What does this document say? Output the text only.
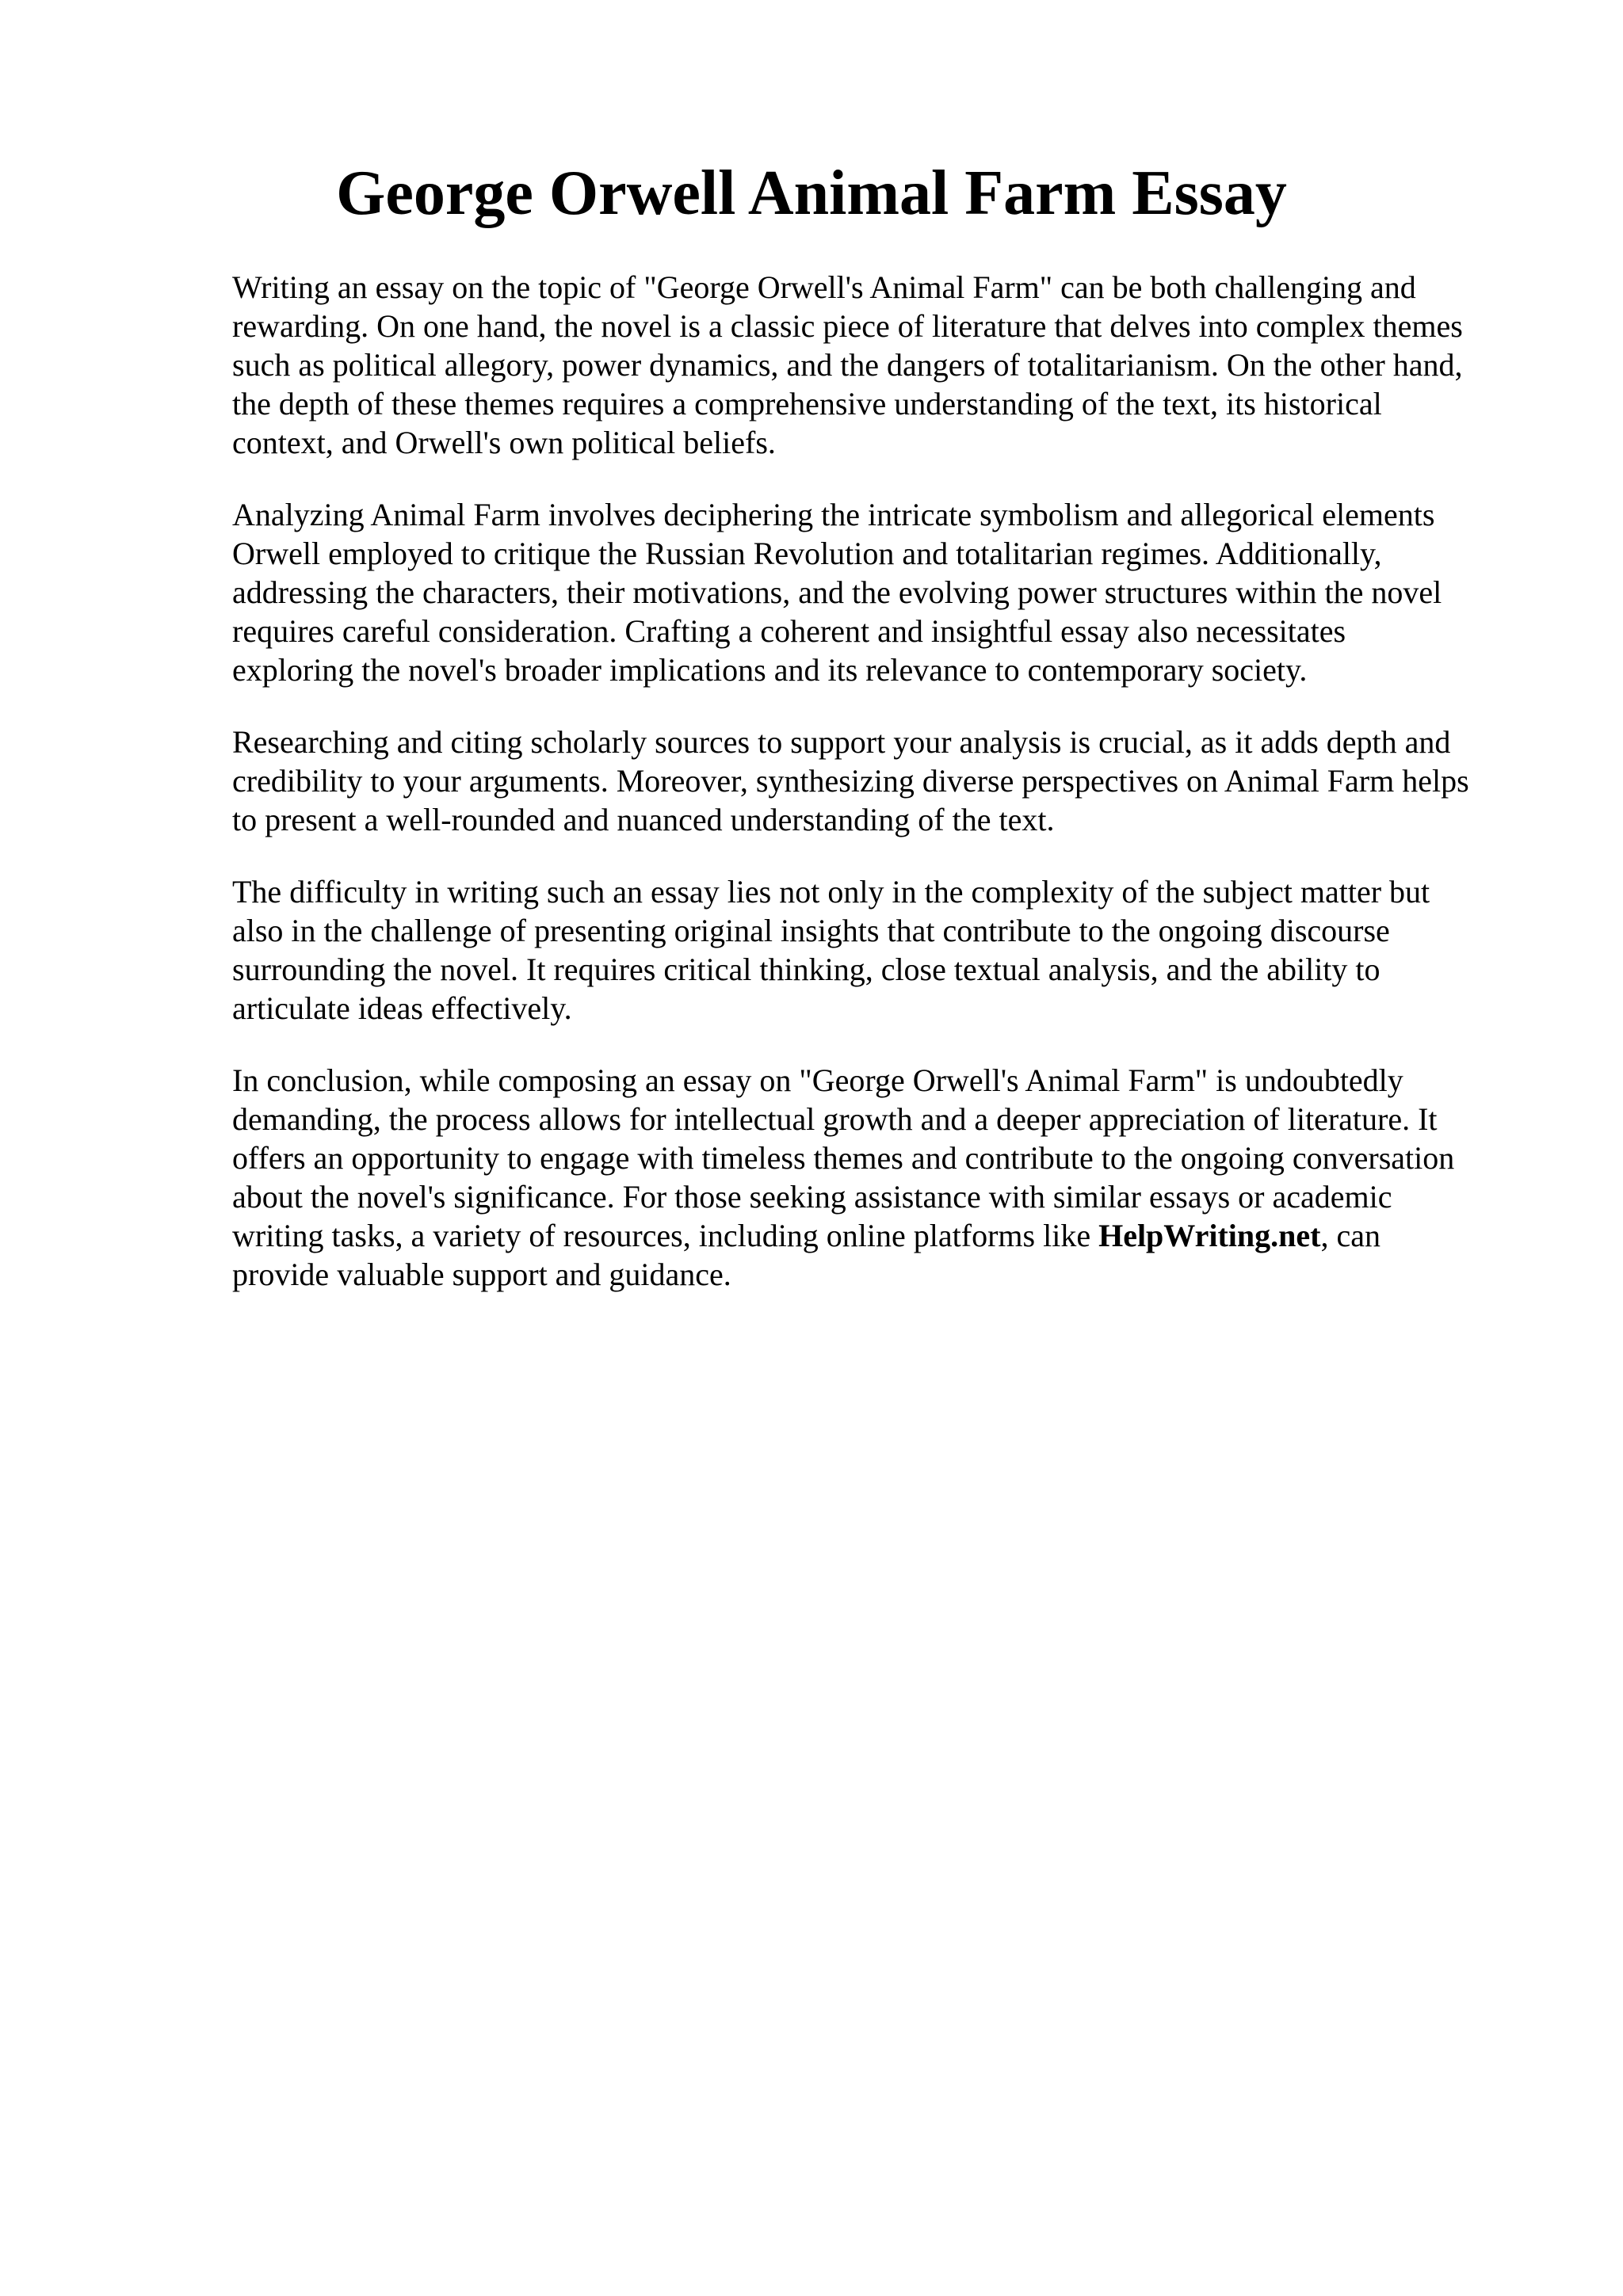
George Orwell Animal Farm Essay

Writing an essay on the topic of "George Orwell's Animal Farm" can be both challenging and
rewarding. On one hand, the novel is a classic piece of literature that delves into complex themes
such as political allegory, power dynamics, and the dangers of totalitarianism. On the other hand,
the depth of these themes requires a comprehensive understanding of the text, its historical
context, and Orwell's own political beliefs.

Analyzing Animal Farm involves deciphering the intricate symbolism and allegorical elements
Orwell employed to critique the Russian Revolution and totalitarian regimes. Additionally,
addressing the characters, their motivations, and the evolving power structures within the novel
requires careful consideration. Crafting a coherent and insightful essay also necessitates
exploring the novel's broader implications and its relevance to contemporary society.

Researching and citing scholarly sources to support your analysis is crucial, as it adds depth and
credibility to your arguments. Moreover, synthesizing diverse perspectives on Animal Farm helps
to present a well-rounded and nuanced understanding of the text.

The difficulty in writing such an essay lies not only in the complexity of the subject matter but
also in the challenge of presenting original insights that contribute to the ongoing discourse
surrounding the novel. It requires critical thinking, close textual analysis, and the ability to
articulate ideas effectively.

In conclusion, while composing an essay on "George Orwell's Animal Farm" is undoubtedly
demanding, the process allows for intellectual growth and a deeper appreciation of literature. It
offers an opportunity to engage with timeless themes and contribute to the ongoing conversation
about the novel's significance. For those seeking assistance with similar essays or academic
writing tasks, a variety of resources, including online platforms like HelpWriting.net, can
provide valuable support and guidance.
